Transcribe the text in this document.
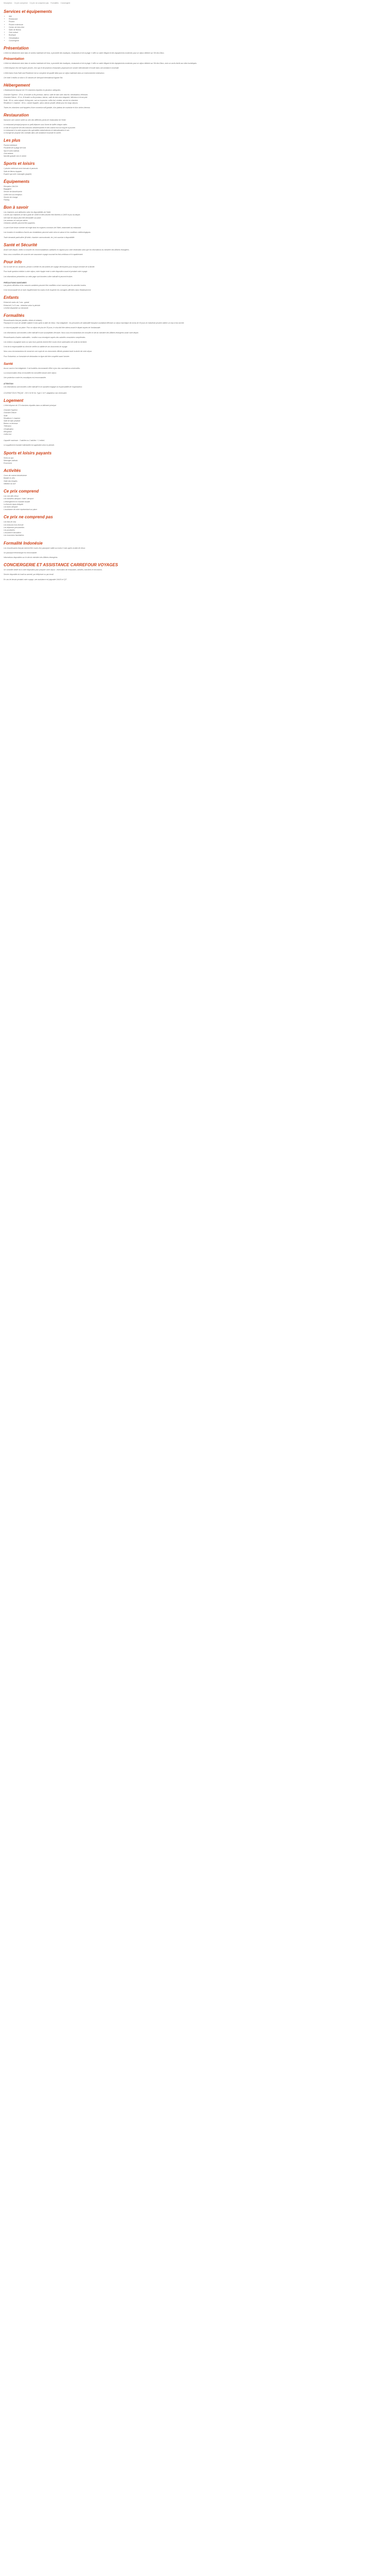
Description Ce prix comprend Ce prix ne comprend pas Formalités Conciergerie
Services et équipements
• Wifi
• Restaurant
• Piscine
• Piscine extérieure
• Centre de bien-être
• Salle de fitness
• Club enfant
• Boutique
• Climatisation
• Conciergerie
Présentation

L'hôtel est idéalement situé dans le secteur balnéaire de Kuta, à proximité des boutiques, restaurants et de la plage. Il offre un cadre élégant et des équipements modernes pour un séjour détente sur l'île des Dieux.

Présentation

L'hôtel est idéalement situé dans le secteur balnéaire de Kuta, à proximité des boutiques, restaurants et de la plage. Il offre un cadre élégant et des équipements modernes pour un séjour détente sur l'île des Dieux, avec un accès facile aux sites touristiques.

L'hôtel dispose d'un bel espace piscine, d'un spa et de plusieurs restaurants proposant une cuisine internationale et locale dans une ambiance conviviale.

L'hôtel Aston Kuta Hotel and Residence est un complexe de qualité idéal pour un séjour balnéaire dans un environnement chaleureux.

Cet hôtel 4 étoiles se situe à 15 minutes de l'aéroport international Ngurah Rai.

Hébergement

L'établissement dispose de 174 chambres réparties en plusieurs catégories.

Chambre Superior : 28 m², lit double ou lits jumeaux, balcon, salle de bain avec douche, climatisation, télévision.
Chambre Deluxe : 32 m², lit double ou lits jumeaux, balcon, salle de bain avec baignoire, télévision à écran plat.
Suite : 56 m², salon séparé, lit king size, vue sur la piscine, coffre-fort, minibar, service en chambre.
Résidence 1 chambre : 65 m², cuisine équipée, salon, balcon privatif, idéale pour les longs séjours.

Toutes les chambres sont équipées d'une connexion wifi gratuite, d'un plateau de courtoisie et d'un sèche-cheveux.

Restauration

Savourez une cuisine variée au sein des différents points de restauration de l'hôtel.

Le restaurant principal propose un petit-déjeuner sous forme de buffet chaque matin.
Le bar de la piscine sert des boissons rafraîchissantes et des snacks tout au long de la journée.
Le restaurant à la carte propose des spécialités indonésiennes et internationales le soir.
Le lounge bar propose des cocktails dans une ambiance musicale en soirée.
Les plus
Piscine extérieure
Proximité de la plage de Kuta
Spa et soins balinais
Club enfants
Navette gratuite vers le centre
Sports et loisirs
1 piscine extérieure avec transats et parasols
Salle de fitness équipée
Espace spa avec massages (payant)
Équipements
Réception 24h/24h
Bagagerie
Service de blanchisserie
Coffre-fort à la réception
Service de change
Parking
Bon à savoir
Les chambres sont attribuées selon les disponibilités de l'hôtel.
L'accès aux chambres se fait à partir de 14h00 et elles doivent être libérées à 12h00 le jour du départ.
Une taxe de séjour peut être demandée sur place.
Les animaux ne sont pas admis.
Certaines activités peuvent être payantes.

Le port d'une tenue correcte est exigé dans les espaces communs de l'hôtel, notamment au restaurant.

Les horaires et conditions d'accès aux installations peuvent varier selon la saison et les conditions météorologiques.

Toute demande particulière (lit bébé, chambre communicante, etc.) est soumise à disponibilité.

Santé et Sécurité

Avant votre départ, veillez à consulter les recommandations sanitaires en vigueur pour votre destination ainsi que les informations du ministère des Affaires étrangères.

Nous vous conseillons de souscrire une assurance voyage couvrant les frais médicaux et le rapatriement.

Pour info

Sur la route de vos vacances, pensez à vérifier les documents de voyage nécessaires pour chaque membre de la famille.

Pour toute question relative à votre séjour, notre équipe reste à votre disposition avant et pendant votre voyage.

Les informations présentées sur cette page sont données à titre indicatif et peuvent évoluer.

PRÉCAUTIONS SANITAIRES

Les pièces officielles et les mesures sanitaires peuvent être modifiées à tout moment par les autorités locales.

Il est recommandé de se laver régulièrement les mains et de respecter les consignes affichées dans l'établissement.

Enfants
Enfant de moins de 2 ans : gratuit
Enfant de 2 à 11 ans : réduction selon la période
Lit bébé disponible sur demande
Formalités
Ressortissants français (adultes, bébés et enfants) :

Passeport en cours de validité valable 6 mois après la date de retour. Visa obligatoire : les personnes de nationalité française souhaitant effectuer un séjour touristique de moins de 30 jours en Indonésie peuvent obtenir un visa à leur arrivée.

Le visa est payable sur place. Pour un séjour de plus de 30 jours, le visa doit être obtenu avant le départ auprès de l'ambassade.

Les informations sont données à titre indicatif et sont susceptibles d'évoluer. Nous vous recommandons de consulter le site du ministère des Affaires étrangères avant votre départ.

Ressortissants d'autres nationalités : veuillez vous renseigner auprès des autorités consulaires compétentes.

Les mineurs voyageant seuls ou sans leurs parents doivent être munis d'une autorisation de sortie du territoire.

Il est de la responsabilité du client de vérifier la validité de ses documents de voyage.

Nous vous recommandons de conserver une copie de vos documents officiels pendant toute la durée de votre séjour.

Pour l'Indonésie, un formulaire de déclaration en ligne doit être complété avant l'arrivée.

Santé

Aucun vaccin n'est obligatoire. Il est toutefois recommandé d'être à jour des vaccinations universelles.

La consommation d'eau en bouteille est conseillée durant votre séjour.

Une protection contre les moustiques est recommandée.

ATTENTION

Les informations sont données à titre indicatif et ne sauraient engager la responsabilité de l'organisateur.

COURANT ÉLECTRIQUE : 230 V et 50 Hz. Type C et F, adaptateur non nécessaire.

Logement

L'hôtel dispose de 174 chambres réparties dans un bâtiment principal.

Chambre Superior
Chambre Deluxe
Suite
Résidence 1 chambre
Salle de bain privative
Balcon ou terrasse
Télévision
Climatisation
Wifi gratuit
Coffre-fort

Capacité maximum : 3 adultes ou 2 adultes + 1 enfant.

Le supplément chambre individuelle est applicable selon la période.

Sports et loisirs payants
Soins au spa
Massages balinais
Excursions
Activités
Cours de cuisine indonésienne
Balade en vélo
Visite des temples
Initiation au surf
Ce prix comprend
Les vols aller-retour
Les transferts aéroport / hôtel / aéroport
L'hébergement en chambre double
La formule repas indiquée
Les taxes aéroport
L'assistance de notre représentant sur place
Ce prix ne comprend pas
Les frais de visa
Les boissons hors formule
Les dépenses personnelles
Les pourboires
L'assurance annulation
Les excursions facultatives
Formalité Indonésie

Les ressortissants français doivent être munis d'un passeport valide au moins 6 mois après la date de retour.

Un passeport électronique est recommandé.

Informations disponibles sur le site du ministère des Affaires étrangères.

CONCIERGERIE ET ASSISTANCE CARREFOUR VOYAGES

Un conseiller dédié est à votre disposition pour préparer votre séjour : réservation de restaurants, activités, transferts et excursions.

Service disponible du lundi au samedi, par téléphone ou par email.

En cas de besoin pendant votre voyage, une assistance est joignable 24h/24 et 7j/7.
